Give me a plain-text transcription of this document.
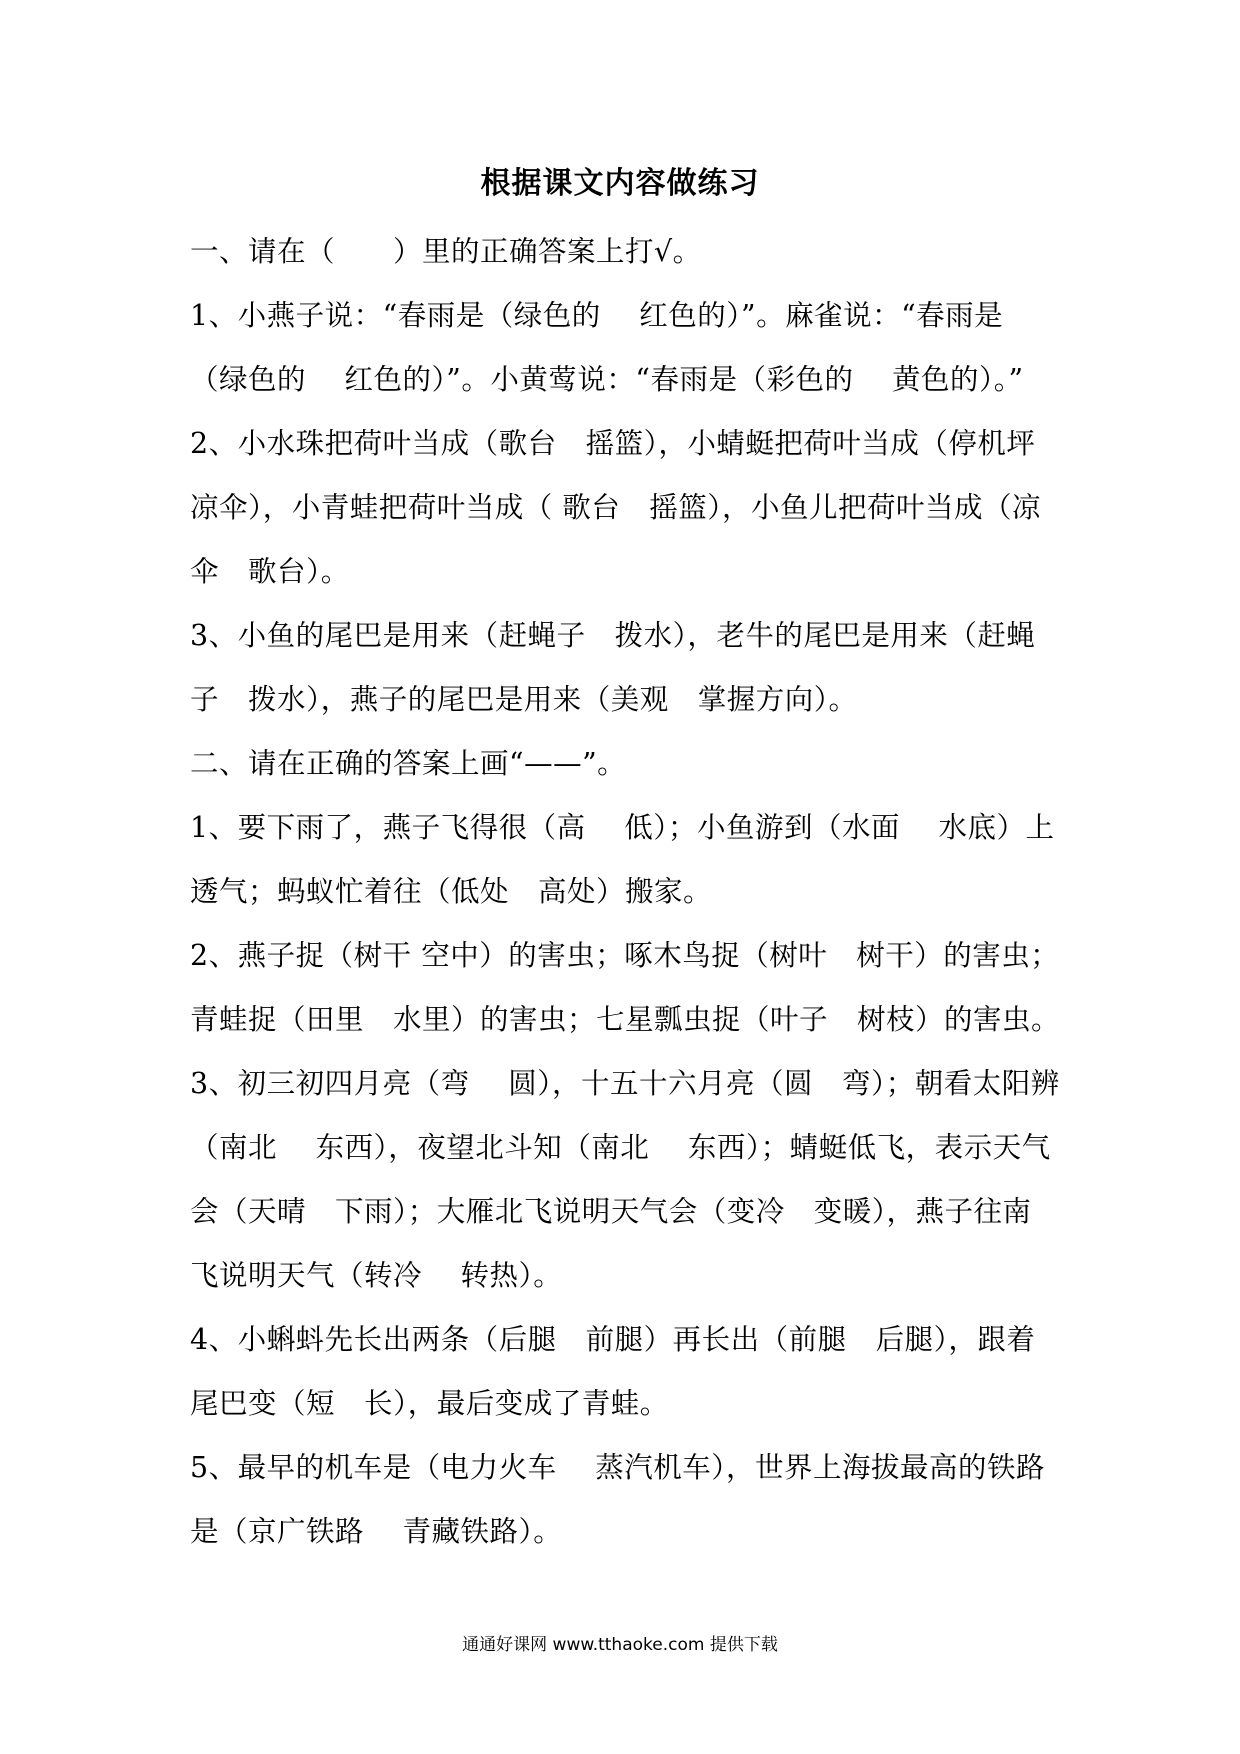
根据课文内容做练习

一、请在（　　）里的正确答案上打√。

1、小燕子说：“春雨是（绿色的　 红色的）”。麻雀说：“春雨是（绿色的　 红色的）”。小黄莺说：“春雨是（彩色的　 黄色的）。”

2、小水珠把荷叶当成（歌台　摇篮），小蜻蜓把荷叶当成（停机坪 凉伞），小青蛙把荷叶当成（ 歌台　摇篮），小鱼儿把荷叶当成（凉伞　歌台）。

3、小鱼的尾巴是用来（赶蝇子　拨水），老牛的尾巴是用来（赶蝇子　拨水），燕子的尾巴是用来（美观　掌握方向）。

二、请在正确的答案上画“——”。

1、要下雨了，燕子飞得很（高　 低）；小鱼游到（水面　 水底）上透气；蚂蚁忙着往（低处　高处）搬家。

2、燕子捉（树干 空中）的害虫；啄木鸟捉（树叶　树干）的害虫；青蛙捉（田里　水里）的害虫；七星瓢虫捉（叶子　树枝）的害虫。

3、初三初四月亮（弯　 圆），十五十六月亮（圆　弯）；朝看太阳辨（南北　 东西），夜望北斗知（南北　 东西）；蜻蜓低飞，表示天气会（天晴　下雨）；大雁北飞说明天气会（变冷　变暖），燕子往南飞说明天气（转冷　 转热）。

4、小蝌蚪先长出两条（后腿　前腿）再长出（前腿　后腿），跟着尾巴变（短　长），最后变成了青蛙。

5、最早的机车是（电力火车　 蒸汽机车），世界上海拔最高的铁路是（京广铁路　 青藏铁路）。

通通好课网 www.tthaoke.com 提供下载
